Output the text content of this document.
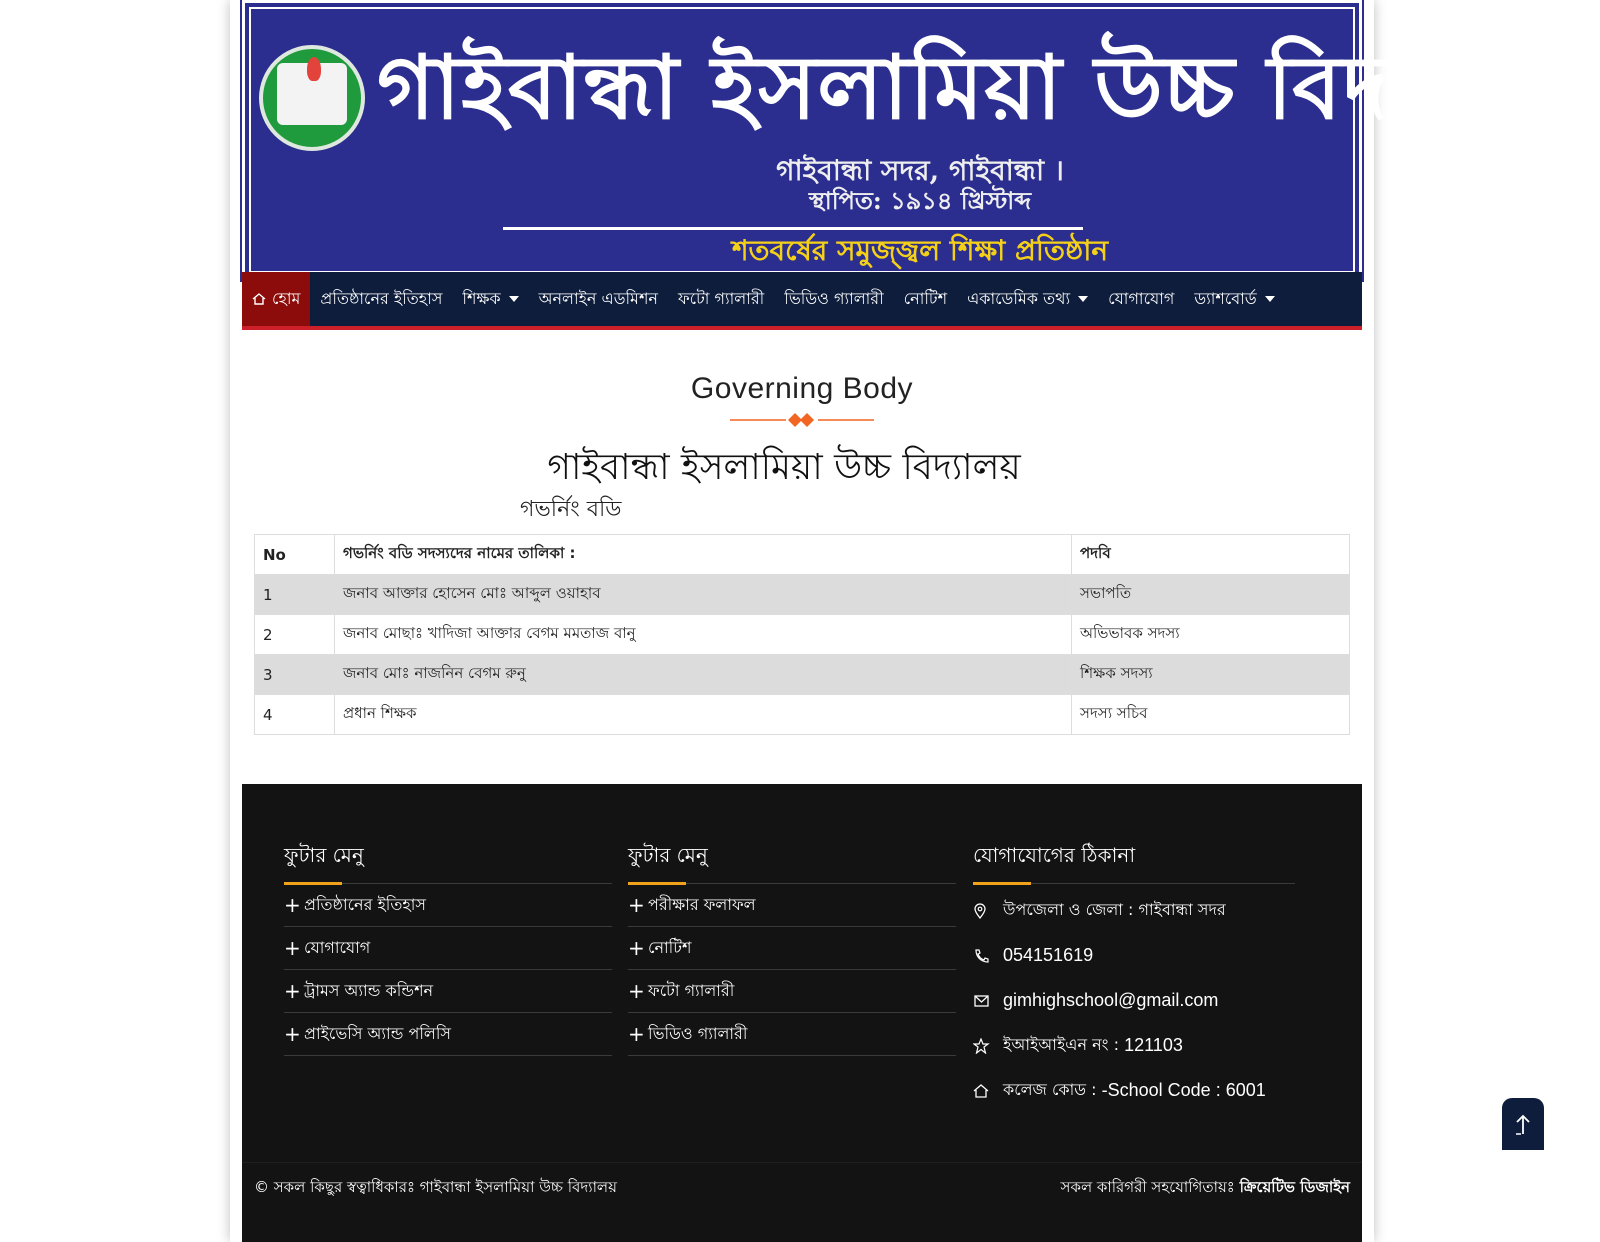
গাইবান্ধা ইসলামিয়া উচ্চ বিদ্যালয়
গাইবান্ধা সদর, গাইবান্ধা ।
স্থাপিত: ১৯১৪ খ্রিস্টাব্দ
শতবর্ষের সমুজ্জ্বল শিক্ষা প্রতিষ্ঠান
হোম প্রতিষ্ঠানের ইতিহাস শিক্ষক অনলাইন এডমিশন ফটো গ্যালারী ভিডিও গ্যালারী নোটিশ একাডেমিক তথ্য যোগাযোগ ড্যাশবোর্ড
Governing Body
গাইবান্ধা ইসলামিয়া উচ্চ বিদ্যালয়
গভর্নিং বডি
No	গভর্নিং বডি সদস্যদের নামের তালিকা :	পদবি
1	জনাব আক্তার হোসেন মোঃ আব্দুল ওয়াহাব	সভাপতি
2	জনাব মোছাঃ খাদিজা আক্তার বেগম মমতাজ বানু	অভিভাবক সদস্য
3	জনাব মোঃ নাজনিন বেগম রুনু	শিক্ষক সদস্য
4	প্রধান শিক্ষক	সদস্য সচিব
ফুটার মেনু
+ প্রতিষ্ঠানের ইতিহাস
+ যোগাযোগ
+ ট্রামস অ্যান্ড কন্ডিশন
+ প্রাইভেসি অ্যান্ড পলিসি
ফুটার মেনু
+ পরীক্ষার ফলাফল
+ নোটিশ
+ ফটো গ্যালারী
+ ভিডিও গ্যালারী
যোগাযোগের ঠিকানা
উপজেলা ও জেলা : গাইবান্ধা সদর
054151619
gimhighschool@gmail.com
ইআইআইএন নং :
121103
কলেজ কোড :
-School Code : 6001
© সকল কিছুর স্বত্বাধিকারঃ গাইবান্ধা ইসলামিয়া উচ্চ বিদ্যালয়	সকল কারিগরী সহযোগিতায়ঃ ক্রিয়েটিভ ডিজাইন
